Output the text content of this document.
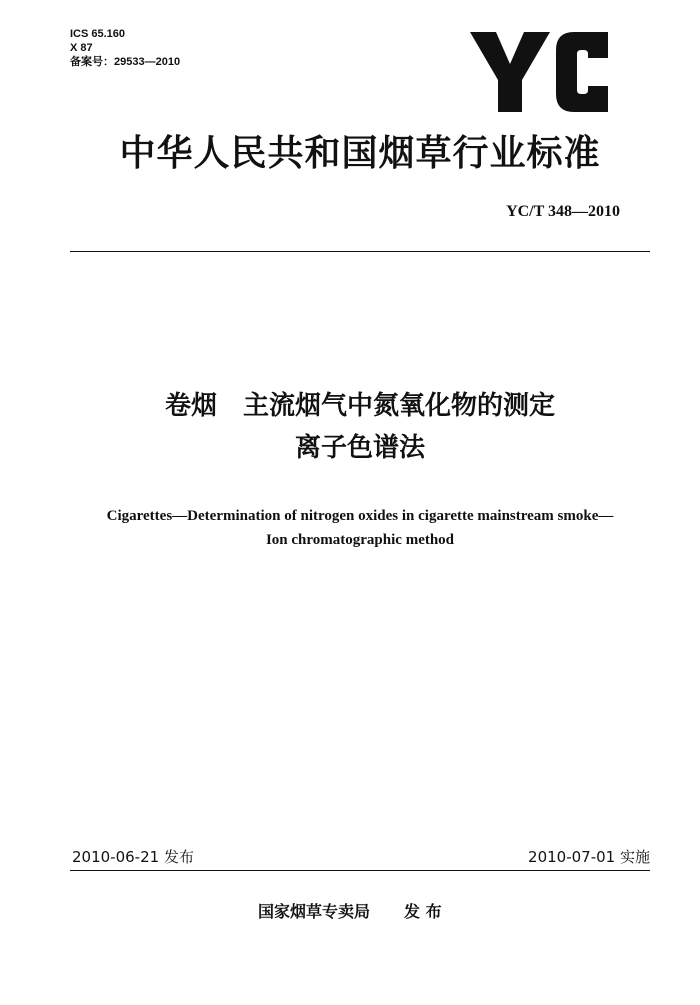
ICS 65.160
X 87
备案号：29533—2010
中华人民共和国烟草行业标准
YC/T 348—2010
卷烟 主流烟气中氮氧化物的测定
离子色谱法
Cigarettes—Determination of nitrogen oxides in cigarette mainstream smoke—
Ion chromatographic method
2010-06-21 发布	2010-07-01 实施
国家烟草专卖局 发 布
